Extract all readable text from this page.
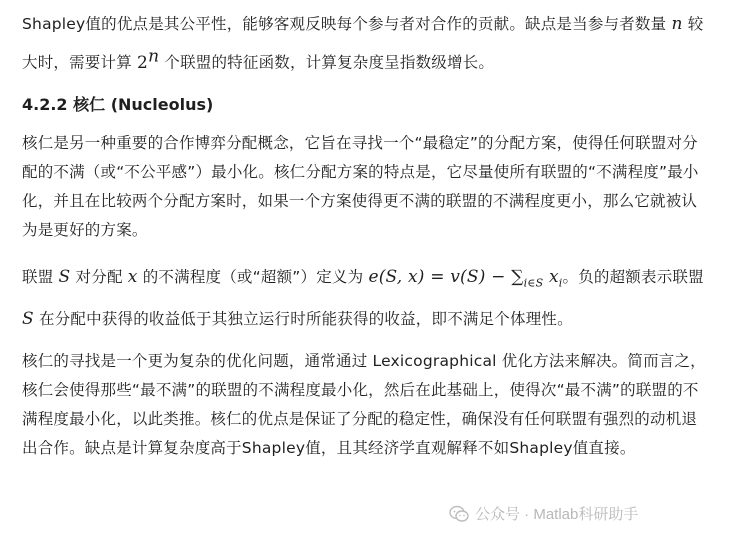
Shapley值的优点是其公平性，能够客观反映每个参与者对合作的贡献。缺点是当参与者数量 n 较大时，需要计算 2$^n$ 个联盟的特征函数，计算复杂度呈指数级增长。

4.2.2 核仁 (Nucleolus)

核仁是另一种重要的合作博弈分配概念，它旨在寻找一个“最稳定”的分配方案，使得任何联盟对分配的不满（或“不公平感”）最小化。核仁分配方案的特点是，它尽量使所有联盟的“不满程度”最小化，并且在比较两个分配方案时，如果一个方案使得更不满的联盟的不满程度更小，那么它就被认为是更好的方案。

联盟 S 对分配 x 的不满程度（或“超额”）定义为 e(S, $x) = v(S) - \sum_{i\in S}$ $x_i$。负的超额表示联盟 S 在分配中获得的收益低于其独立运行时所能获得的收益，即不满足个体理性。

核仁的寻找是一个更为复杂的优化问题，通常通过 Lexicographical 优化方法来解决。简而言之，核仁会使得那些“最不满”的联盟的不满程度最小化，然后在此基础上，使得次“最不满”的联盟的不满程度最小化，以此类推。核仁的优点是保证了分配的稳定性，确保没有任何联盟有强烈的动机退出合作。缺点是计算复杂度高于Shapley值，且其经济学直观解释不如Shapley值直接。

公众号 · Matlab科研助手
